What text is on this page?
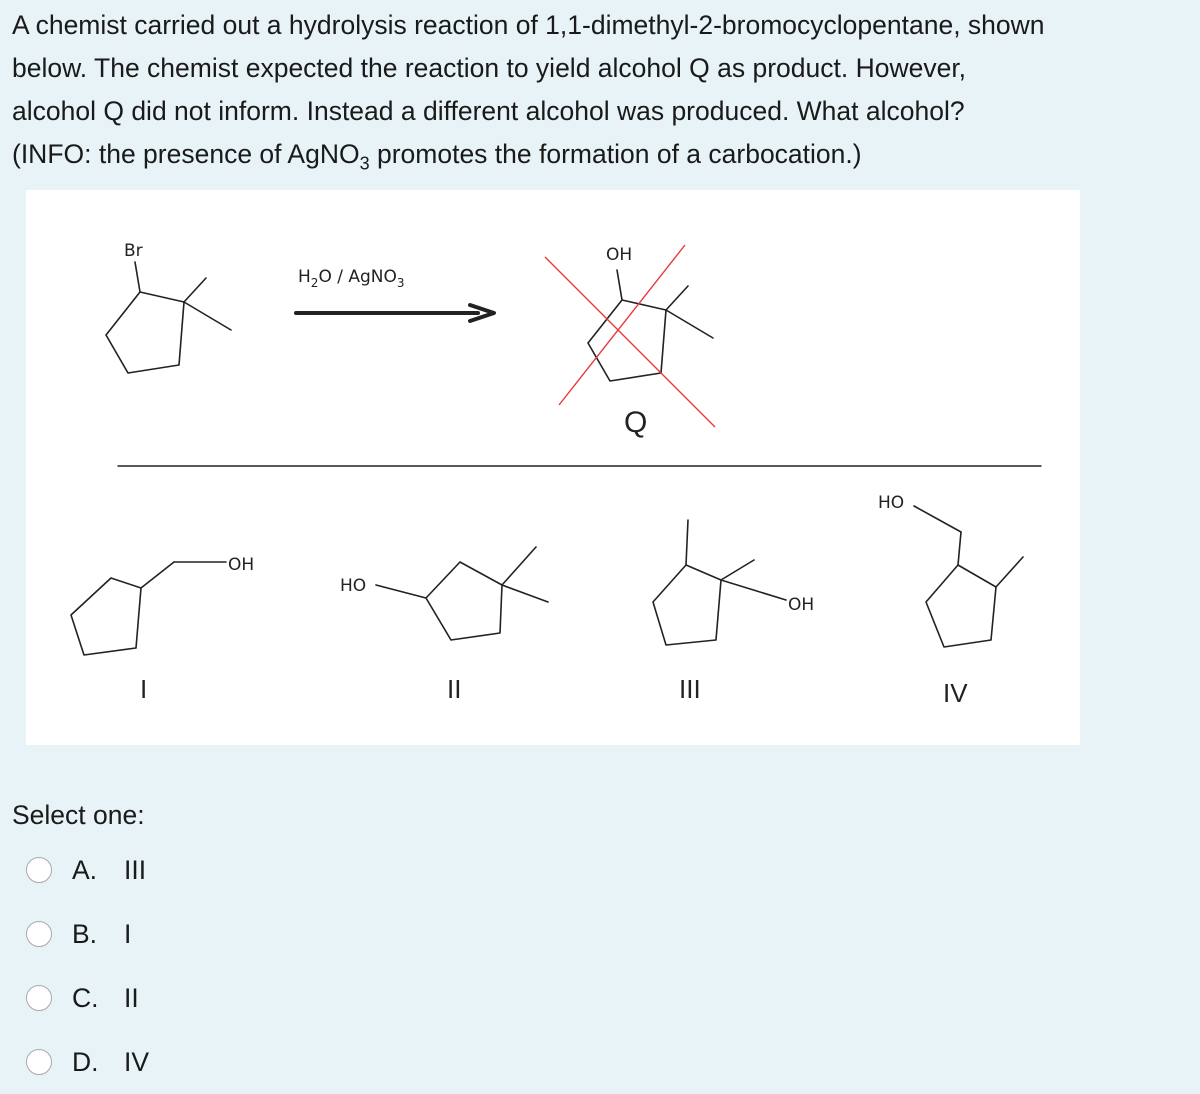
A chemist carried out a hydrolysis reaction of 1,1-dimethyl-2-bromocyclopentane, shown
below. The chemist expected the reaction to yield alcohol Q as product. However,
alcohol Q did not inform. Instead a different alcohol was produced. What alcohol?
(INFO: the presence of AgNO$_3$ promotes the formation of a carbocation.)
Br
$H_2O$ / AgNO$_3$
OH
Q
OH
HO
OH
HO
I	II	III	IV
Select one:
A.	III
B.	I
C. II
D. IV
